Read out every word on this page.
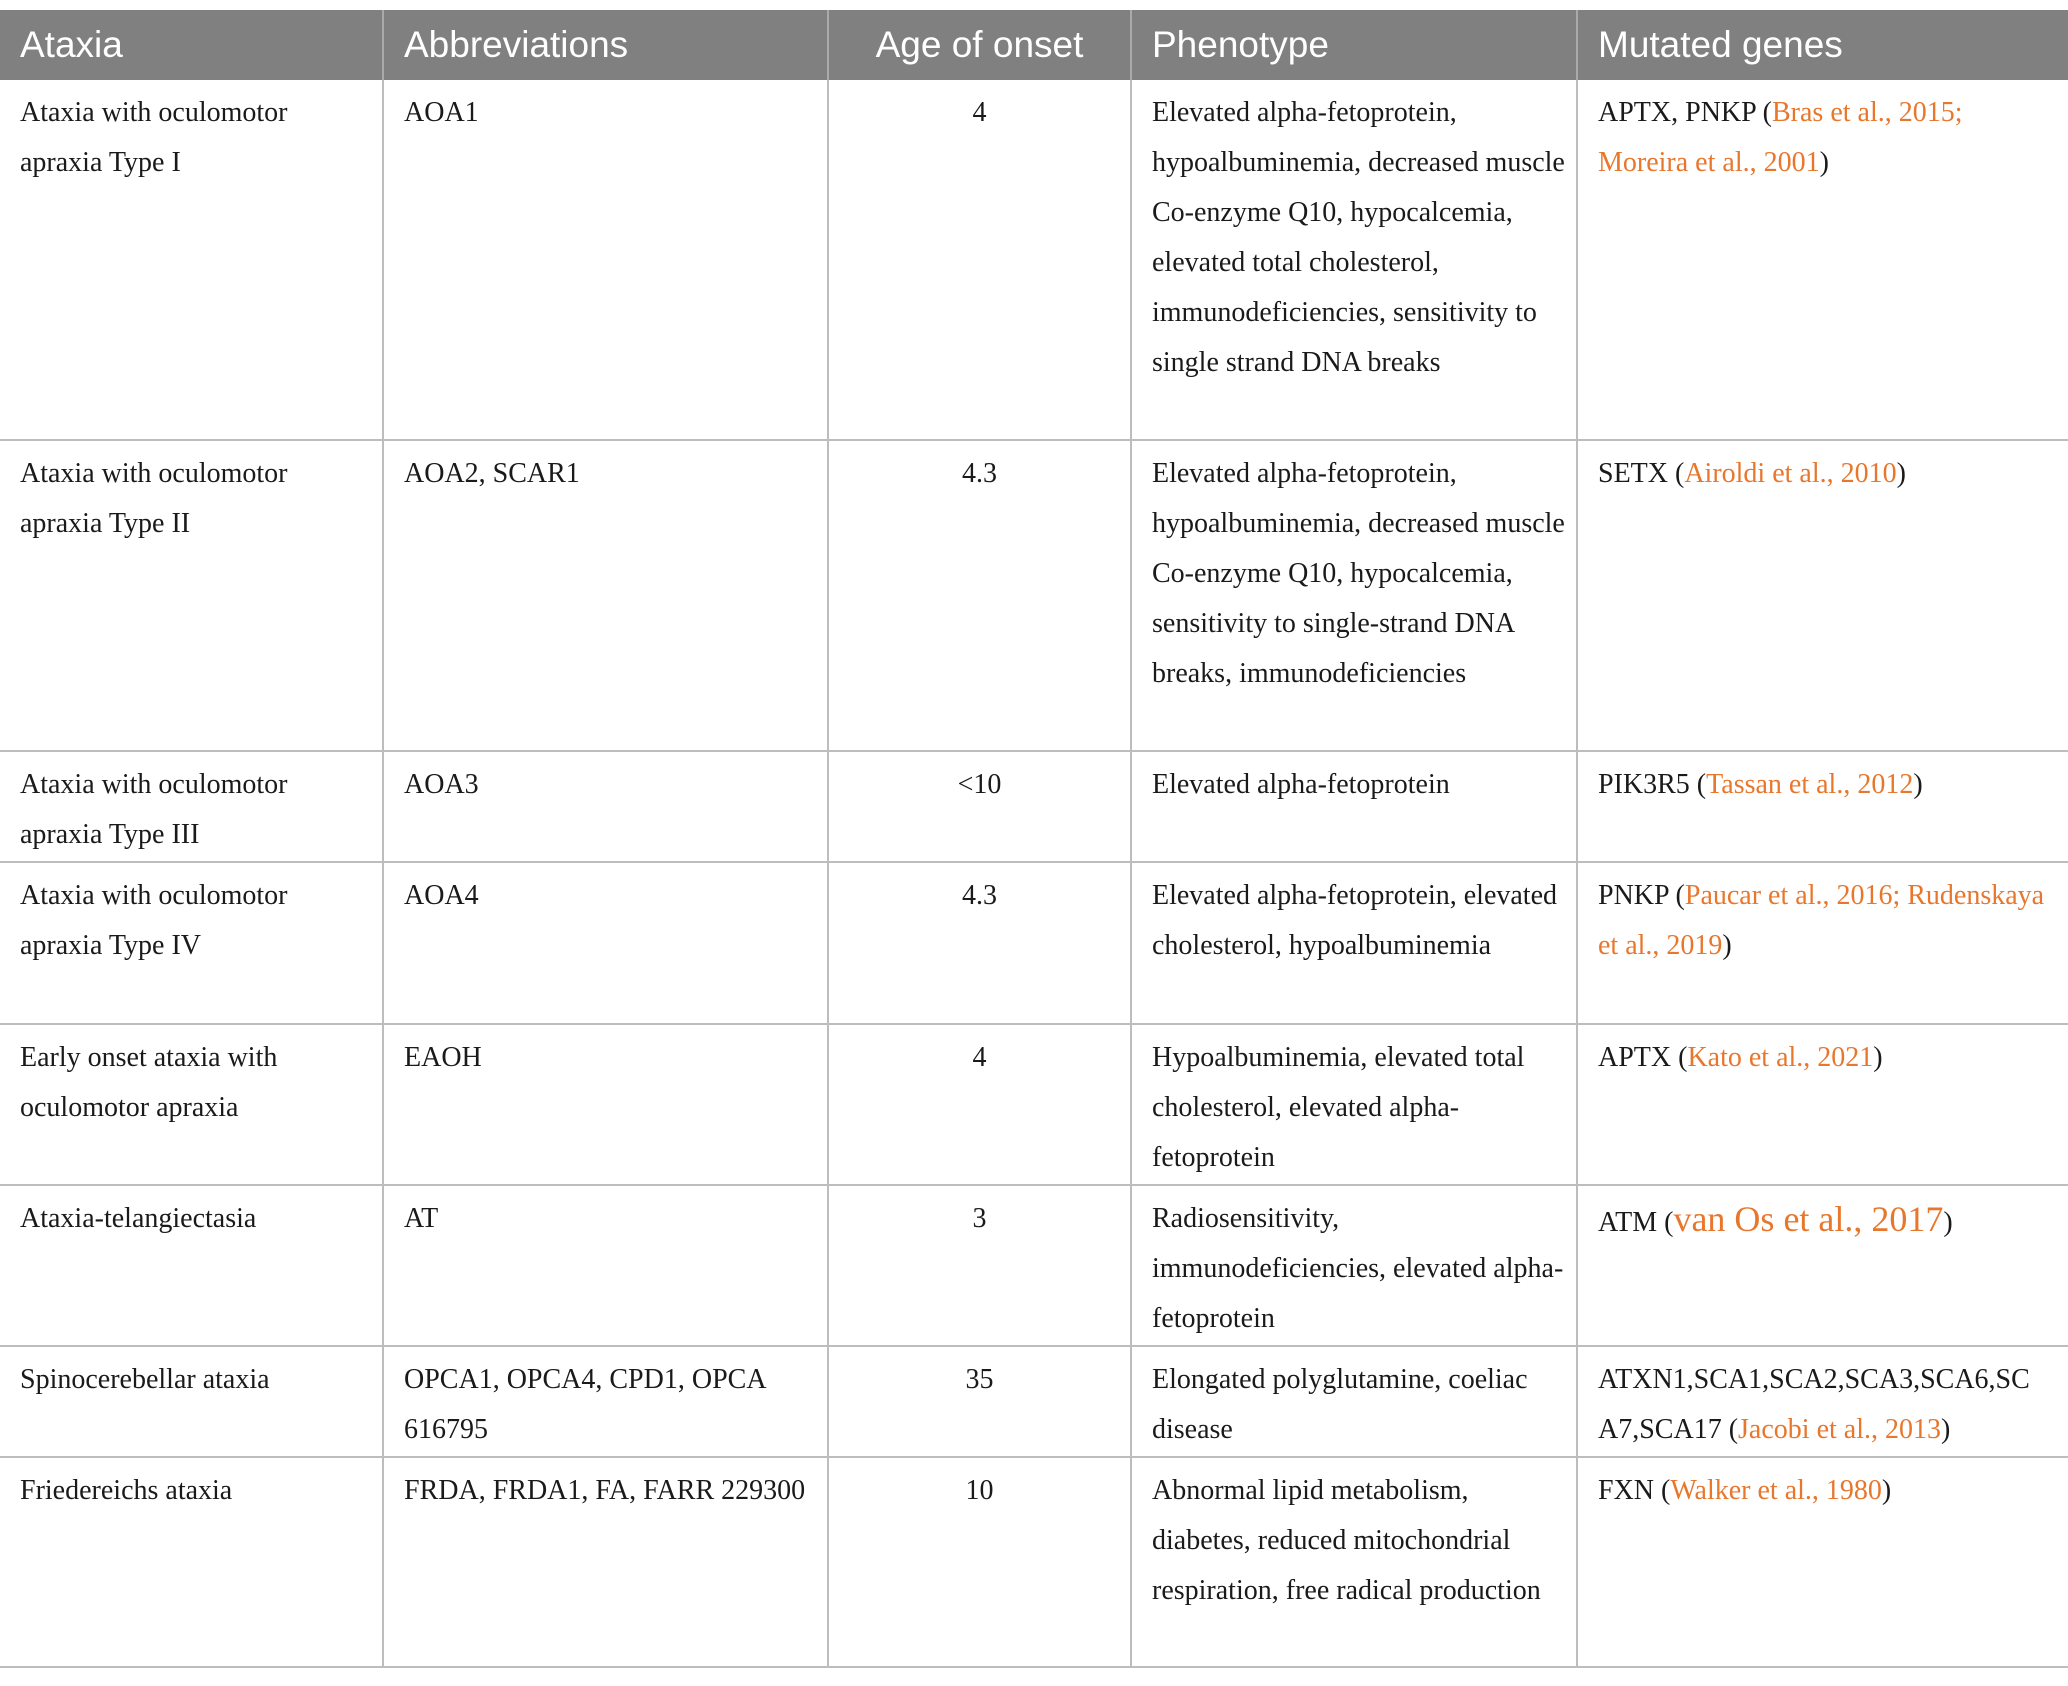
Ataxia	Abbreviations	Age of onset	Phenotype	Mutated genes
Ataxia with oculomotor apraxia Type I	AOA1	4	Elevated alpha-fetoprotein, hypoalbuminemia, decreased muscle Co-enzyme Q10, hypocalcemia, elevated total cholesterol, immunodeficiencies, sensitivity to single strand DNA breaks	APTX, PNKP (Bras et al., 2015; Moreira et al., 2001)
Ataxia with oculomotor apraxia Type II	AOA2, SCAR1	4.3	Elevated alpha-fetoprotein, hypoalbuminemia, decreased muscle Co-enzyme Q10, hypocalcemia, sensitivity to single-strand DNA breaks, immunodeficiencies	SETX (Airoldi et al., 2010)
Ataxia with oculomotor apraxia Type III	AOA3	<10	Elevated alpha-fetoprotein	PIK3R5 (Tassan et al., 2012)
Ataxia with oculomotor apraxia Type IV	AOA4	4.3	Elevated alpha-fetoprotein, elevated cholesterol, hypoalbuminemia	PNKP (Paucar et al., 2016; Rudenskaya et al., 2019)
Early onset ataxia with oculomotor apraxia	EAOH	4	Hypoalbuminemia, elevated total cholesterol, elevated alpha-fetoprotein	APTX (Kato et al., 2021)
Ataxia-telangiectasia	AT	3	Radiosensitivity, immunodeficiencies, elevated alpha-fetoprotein	ATM (van Os et al., 2017)
Spinocerebellar ataxia	OPCA1, OPCA4, CPD1, OPCA 616795	35	Elongated polyglutamine, coeliac disease	ATXN1,SCA1,SCA2,SCA3,SCA6,SCA7,SCA17 (Jacobi et al., 2013)
Friedereichs ataxia	FRDA, FRDA1, FA, FARR 229300	10	Abnormal lipid metabolism, diabetes, reduced mitochondrial respiration, free radical production	FXN (Walker et al., 1980)
